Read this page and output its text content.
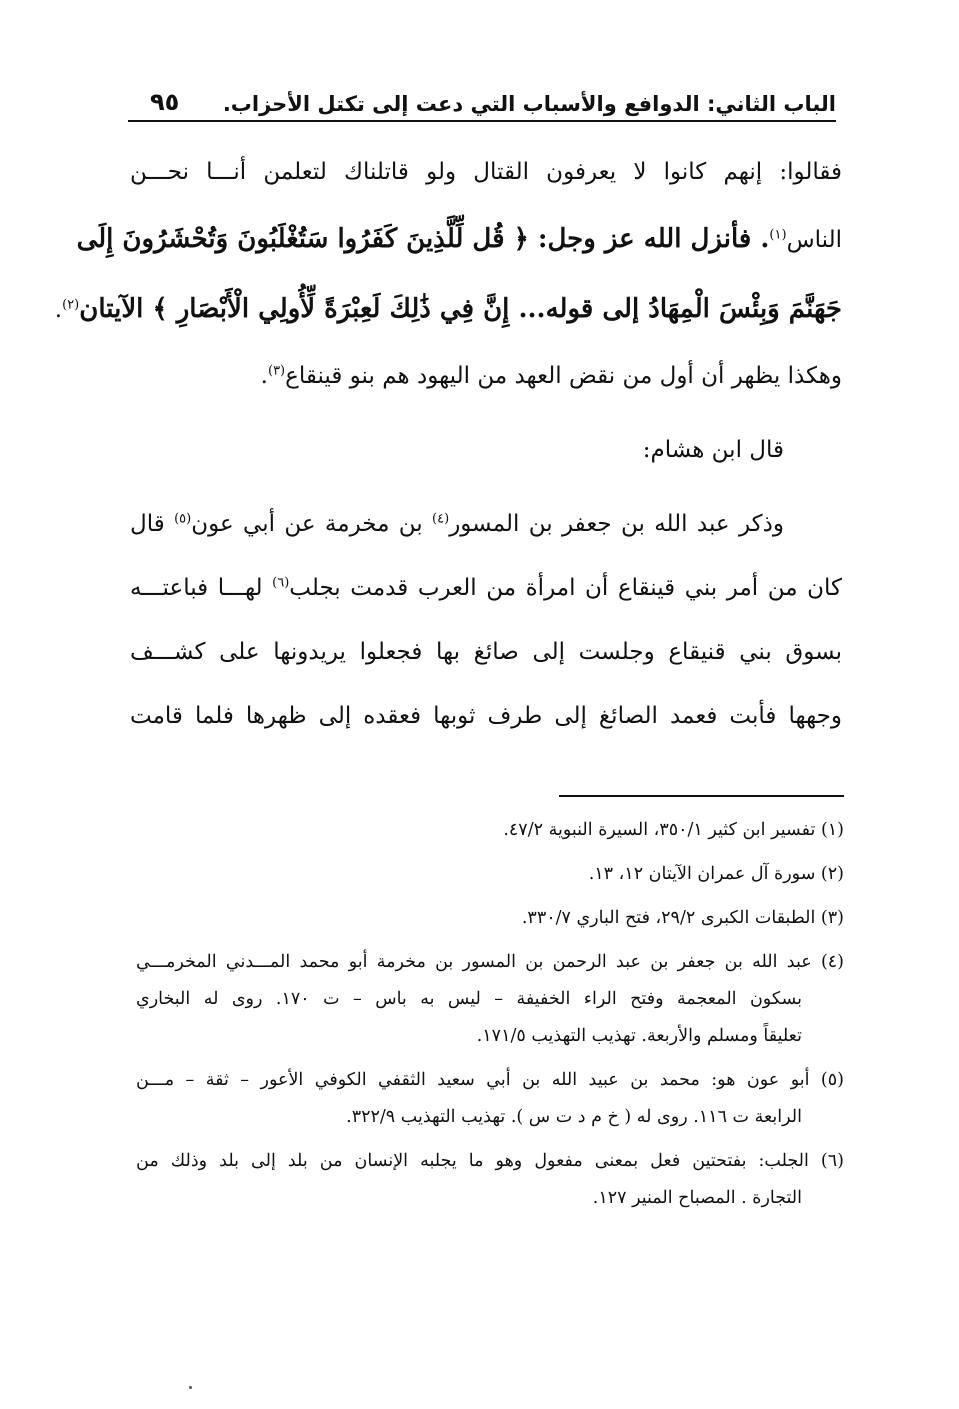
الباب الثاني: الدوافع والأسباب التي دعت إلى تكتل الأحزاب.
٩٥
فقالوا: إنهم كانوا لا يعرفون القتال ولو قاتلناك لتعلمن أنـــا نحـــن
الناس$^{(١)}$. فأنزل الله عز وجل: ﴿ قُل لِّلَّذِينَ كَفَرُوا سَتُغْلَبُونَ وَتُحْشَرُونَ إِلَى
جَهَنَّمَ وَبِئْسَ الْمِهَادُ إلى قوله... إِنَّ فِي ذَٰلِكَ لَعِبْرَةً لِّأُولِي الْأَبْصَارِ ﴾ الآيتان$^{(٢)}$.
وهكذا يظهر أن أول من نقض العهد من اليهود هم بنو قينقاع$^{(٣)}$.
قال ابن هشام:
وذكر عبد الله بن جعفر بن المسور$^{(٤)}$ بن مخرمة عن أبي عون$^{(٥)}$ قال
كان من أمر بني قينقاع أن امرأة من العرب قدمت بجلب$^{(٦)}$ لهـــا فباعتـــه
بسوق بني قنيقاع وجلست إلى صائغ بها فجعلوا يريدونها على كشـــف
وجهها فأبت فعمد الصائغ إلى طرف ثوبها فعقده إلى ظهرها فلما قامت
(١) تفسير ابن كثير ٣٥٠/١، السيرة النبوية ٤٧/٢.
(٢) سورة آل عمران الآيتان ١٢، ١٣.
(٣) الطبقات الكبرى ٢٩/٢، فتح الباري ٣٣٠/٧.
(٤) عبد الله بن جعفر بن عبد الرحمن بن المسور بن مخرمة أبو محمد المـــدني المخرمـــي
بسكون المعجمة وفتح الراء الخفيفة – ليس به باس – ت ١٧٠. روى له البخاري
تعليقاً ومسلم والأربعة. تهذيب التهذيب ١٧١/٥.
(٥) أبو عون هو: محمد بن عبيد الله بن أبي سعيد الثقفي الكوفي الأعور – ثقة – مـــن
الرابعة ت ١١٦. روى له ( خ م د ت س ). تهذيب التهذيب ٣٢٢/٩.
(٦) الجلب: بفتحتين فعل بمعنى مفعول وهو ما يجلبه الإنسان من بلد إلى بلد وذلك من
التجارة . المصباح المنير ١٢٧.
